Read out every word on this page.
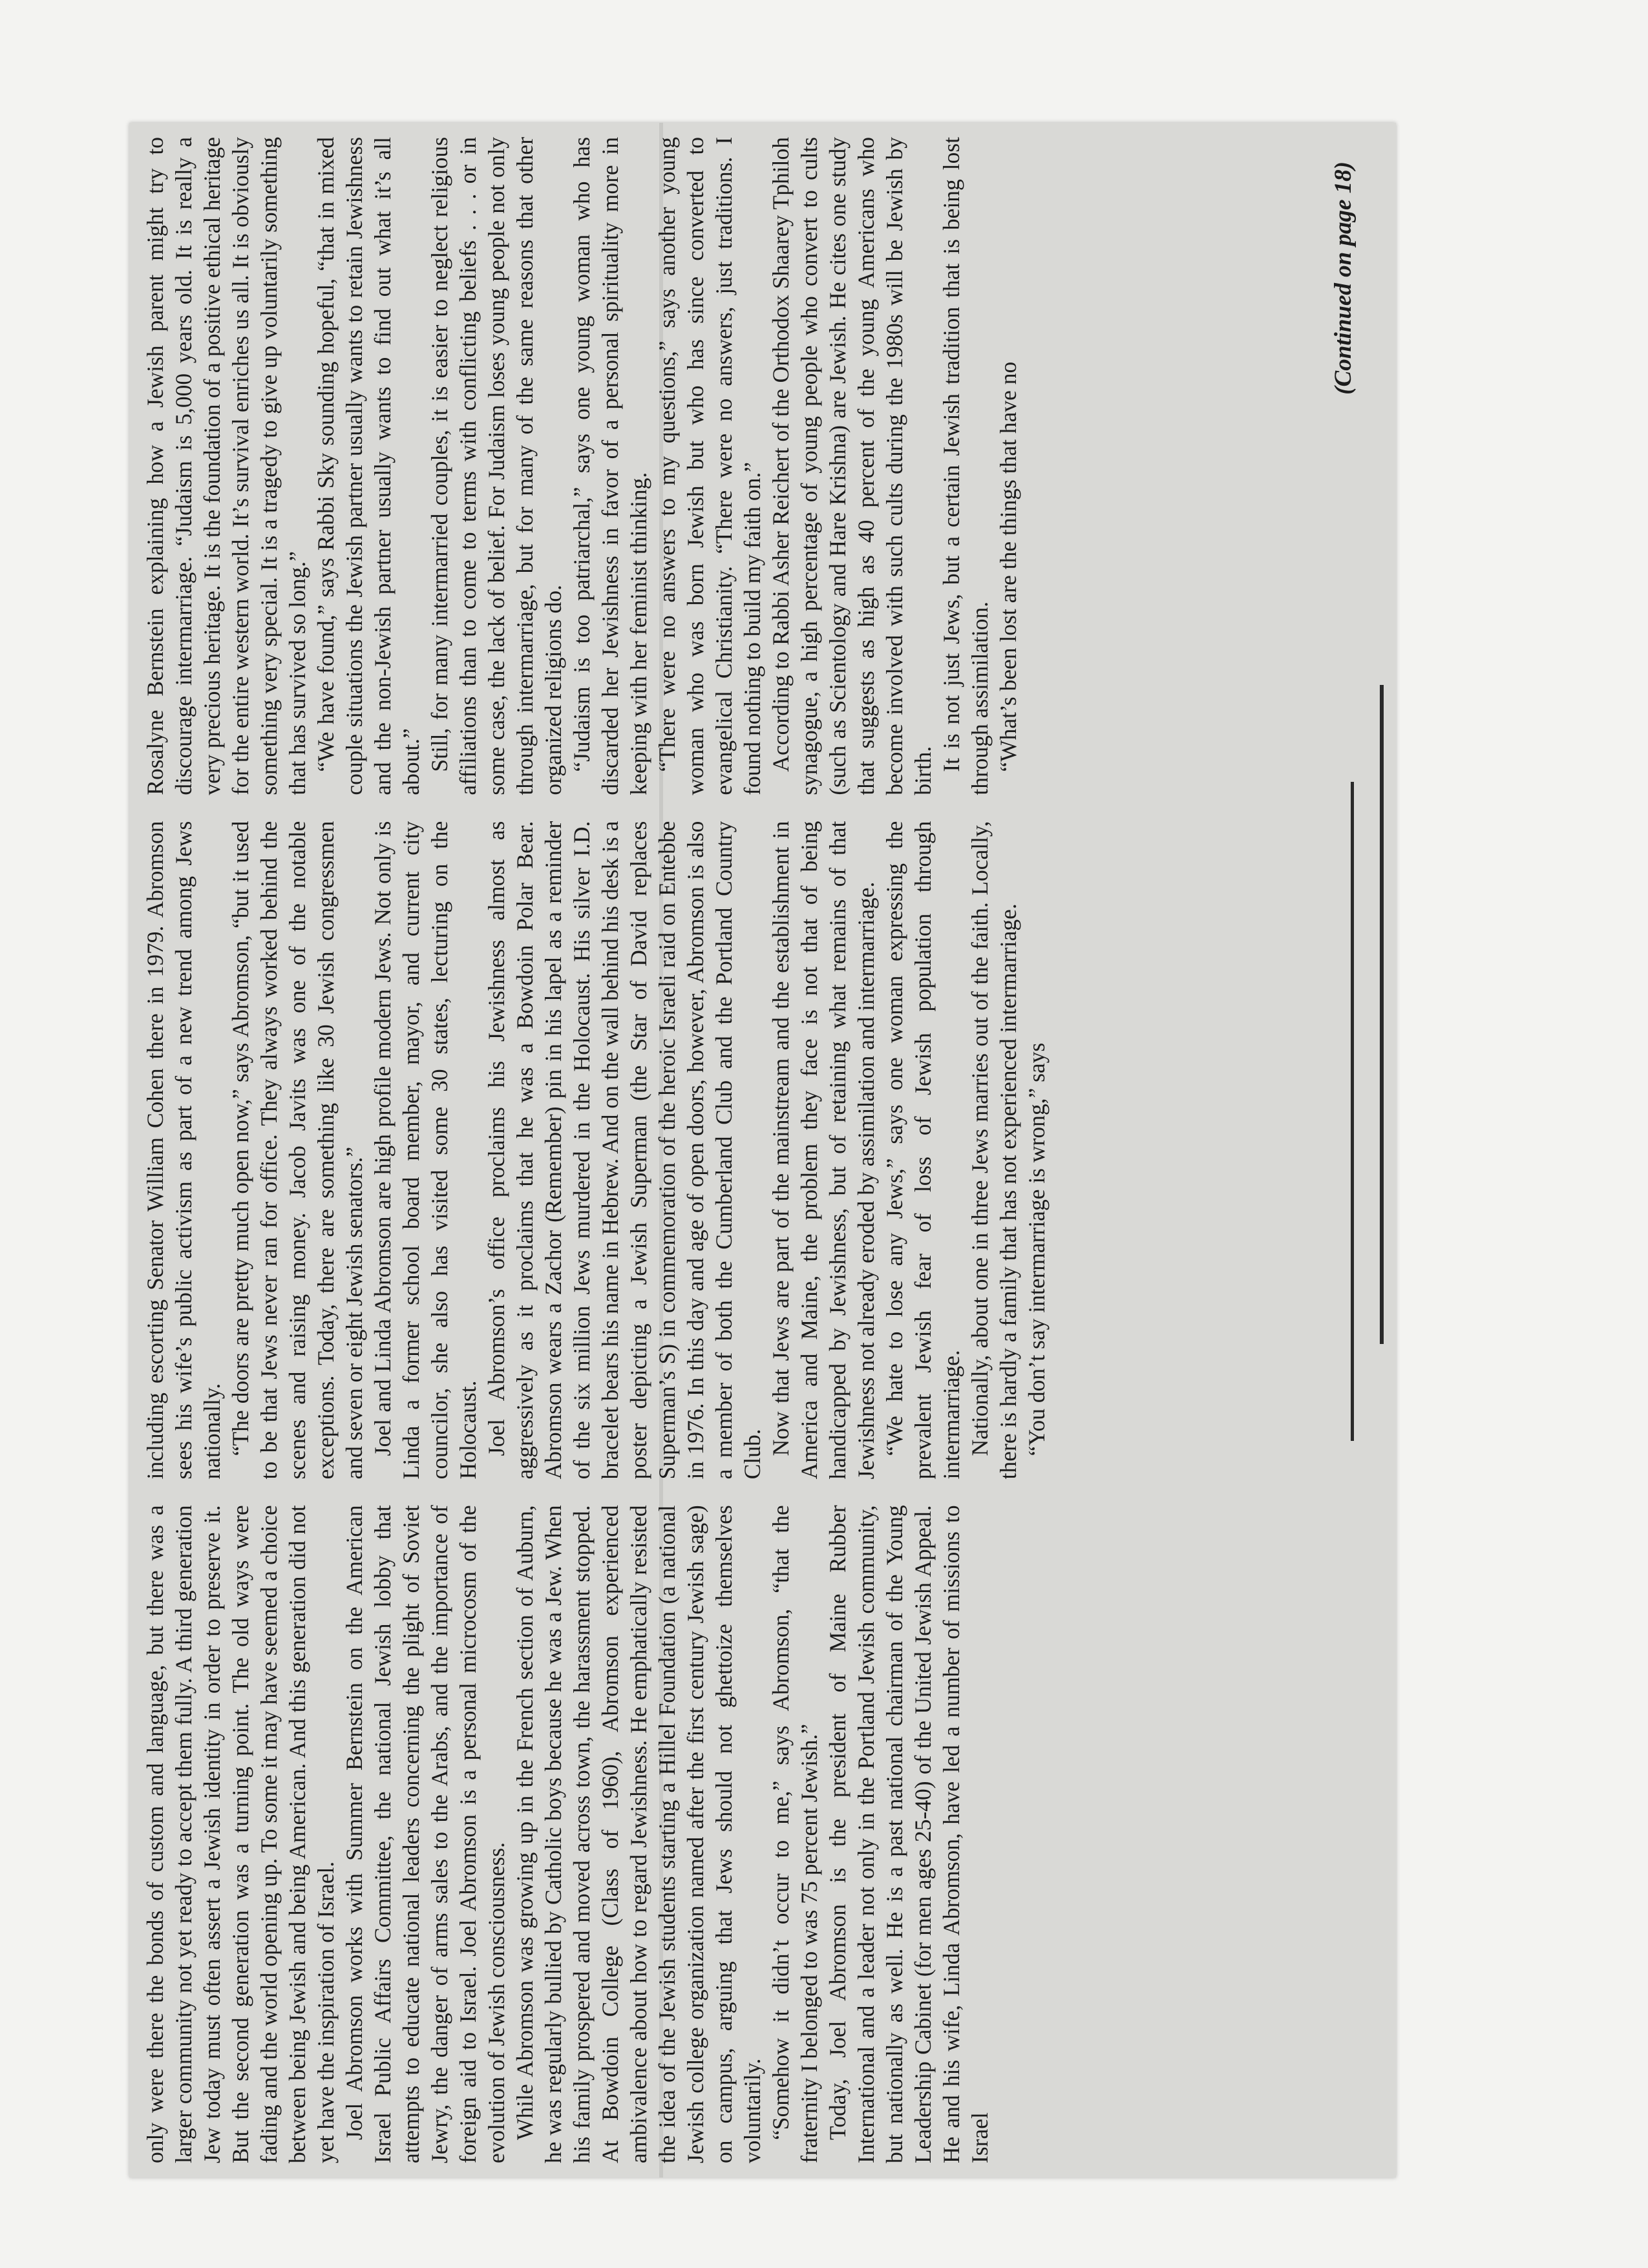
only were there the bonds of custom and language, but there was a larger community not yet ready to accept them fully. A third generation Jew today must often assert a Jewish identity in order to preserve it. But the second generation was a turning point. The old ways were fading and the world opening up. To some it may have seemed a choice between being Jewish and being American. And this generation did not yet have the inspiration of Israel. Joel Abromson works with Summer Bernstein on the American Israel Public Affairs Committee, the national Jewish lobby that attempts to educate national leaders concerning the plight of Soviet Jewry, the danger of arms sales to the Arabs, and the importance of foreign aid to Israel. Joel Abromson is a personal microcosm of the evolution of Jewish consciousness. While Abromson was growing up in the French section of Auburn, he was regularly bullied by Catholic boys because he was a Jew. When his family prospered and moved across town, the harassment stopped. At Bowdoin College (Class of 1960), Abromson experienced ambivalence about how to regard Jewishness. He emphatically resisted the idea of the Jewish students starting a Hillel Foundation (a national Jewish college organization named after the first century Jewish sage) on campus, arguing that Jews should not ghettoize themselves voluntarily. “Somehow it didn’t occur to me,” says Abromson, “that the fraternity I belonged to was 75 percent Jewish.” Today, Joel Abromson is the president of Maine Rubber International and a leader not only in the Portland Jewish community, but nationally as well. He is a past national chairman of the Young Leadership Cabinet (for men ages 25-40) of the United Jewish Appeal. He and his wife, Linda Abromson, have led a number of missions to Israel

including escorting Senator William Cohen there in 1979. Abromson sees his wife’s public activism as part of a new trend among Jews nationally. “The doors are pretty much open now,” says Abromson, “but it used to be that Jews never ran for office. They always worked behind the scenes and raising money. Jacob Javits was one of the notable exceptions. Today, there are something like 30 Jewish congressmen and seven or eight Jewish senators.” Joel and Linda Abromson are high profile modern Jews. Not only is Linda a former school board member, mayor, and current city councilor, she also has visited some 30 states, lecturing on the Holocaust. Joel Abromson’s office proclaims his Jewishness almost as aggressively as it proclaims that he was a Bowdoin Polar Bear. Abromson wears a Zachor (Remember) pin in his lapel as a reminder of the six million Jews murdered in the Holocaust. His silver I.D. bracelet bears his name in Hebrew. And on the wall behind his desk is a poster depicting a Jewish Superman (the Star of David replaces Superman’s S) in commemoration of the heroic Israeli raid on Entebbe in 1976. In this day and age of open doors, however, Abromson is also a member of both the Cumberland Club and the Portland Country Club. Now that Jews are part of the mainstream and the establishment in America and Maine, the problem they face is not that of being handicapped by Jewishness, but of retaining what remains of that Jewishness not already eroded by assimilation and intermarriage. “We hate to lose any Jews,” says one woman expressing the prevalent Jewish fear of loss of Jewish population through intermarriage. Nationally, about one in three Jews marries out of the faith. Locally, there is hardly a family that has not experienced intermarriage. “You don’t say intermarriage is wrong,” says

Rosalyne Bernstein explaining how a Jewish parent might try to discourage intermarriage. “Judaism is 5,000 years old. It is really a very precious heritage. It is the foundation of a positive ethical heritage for the entire western world. It’s survival enriches us all. It is obviously something very special. It is a tragedy to give up voluntarily something that has survived so long.” “We have found,” says Rabbi Sky sounding hopeful, “that in mixed couple situations the Jewish partner usually wants to retain Jewishness and the non-Jewish partner usually wants to find out what it’s all about.” Still, for many intermarried couples, it is easier to neglect religious affiliations than to come to terms with conflicting beliefs . . . or in some case, the lack of belief. For Judaism loses young people not only through intermarriage, but for many of the same reasons that other organized religions do. “Judaism is too patriarchal,” says one young woman who has discarded her Jewishness in favor of a personal spirituality more in keeping with her feminist thinking. “There were no answers to my questions,” says another young woman who was born Jewish but who has since converted to evangelical Christianity. “There were no answers, just traditions. I found nothing to build my faith on.” According to Rabbi Asher Reichert of the Orthodox Shaarey Tphiloh synagogue, a high percentage of young people who convert to cults (such as Scientology and Hare Krishna) are Jewish. He cites one study that suggests as high as 40 percent of the young Americans who become involved with such cults during the 1980s will be Jewish by birth. It is not just Jews, but a certain Jewish tradition that is being lost through assimilation. “What’s been lost are the things that have no

(Continued on page 18)
